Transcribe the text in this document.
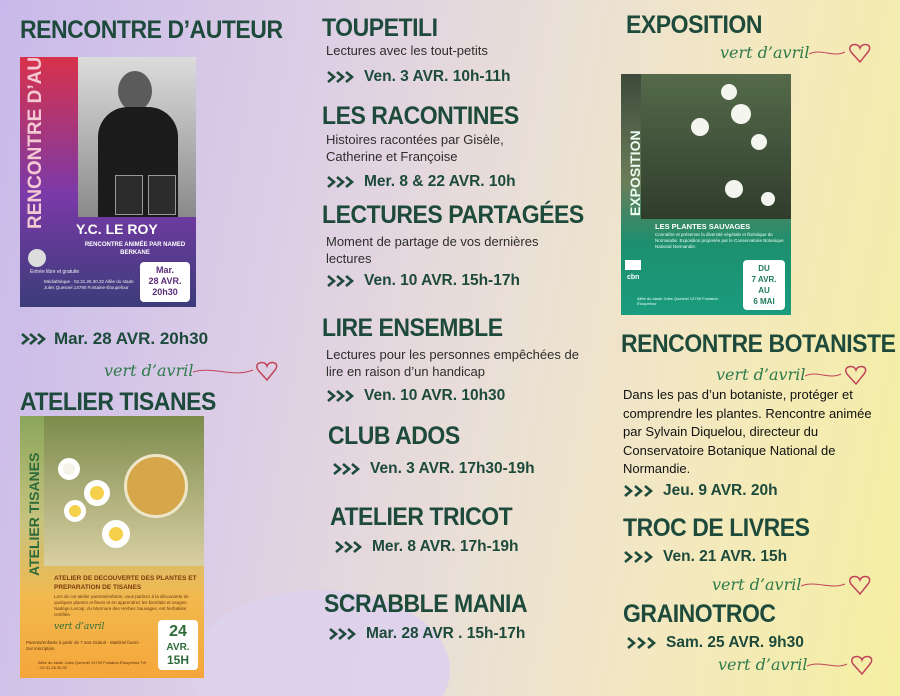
RENCONTRE D’AUTEUR
Y.C. LE ROY
RENCONTRE ANIMÉE PAR NAMED BERKANE
Entrée libre et gratuite
Médiathèque · 02.31.26.30.32 Allée du stade Jules Quesnel 14790 Fontaine-Étoupefour
Mar.
28 AVR.
20h30
Mar. 28 AVR. 20h30
vert d’avril
ATELIER TISANES
ATELIER TISANES
ATELIER DE DECOUVERTE DES PLANTES ET PREPARATION DE TISANES
Lors de cet atelier parents/enfants, vous partirez à la découverte de quelques plantes et fleurs et en apprendrez les bienfaits et usages. Nadège Lecoqr, du Murmure des Herbes Sauvages, est herbaliste certifiée.
vert d’avril
Parents/enfants à partir de 7 ans Gratuit · Matériel fourni · Sur inscription
Allée du stade Jules Quesnel 14790 Fontaine-Étoupefour Tél : 02.31.26.30.32
24
AVR.
15H
TOUPETILI
Lectures avec les tout-petits
Ven. 3 AVR. 10h-11h
LES RACONTINES
Histoires racontées par Gisèle, Catherine et Françoise
Mer. 8 & 22 AVR. 10h
LECTURES PARTAGÉES
Moment de partage de vos dernières lectures
Ven. 10 AVR. 15h-17h
LIRE ENSEMBLE
Lectures pour les personnes empêchées de lire en raison d’un handicap
Ven. 10 AVR. 10h30
CLUB ADOS
Ven. 3 AVR. 17h30-19h
ATELIER TRICOT
Mer. 8 AVR. 17h-19h
SCRABBLE MANIA
Mar. 28 AVR . 15h-17h
EXPOSITION
vert d’avril
EXPOSITION
LES PLANTES SAUVAGES
Connaître et préserver la diversité végétale et floristique de Normandie. Exposition proposée par le Conservatoire Botanique National Normandie.
cbn
Allée du stade Jules Quesnel 14790 Fontaine-Étoupefour
DU
7 AVR.
AU
6 MAI
RENCONTRE BOTANISTE
vert d’avril
Dans les pas d’un botaniste, protéger et comprendre les plantes. Rencontre animée par Sylvain Diquelou, directeur du Conservatoire Botanique National de Normandie.
Jeu. 9 AVR. 20h
TROC DE LIVRES
Ven. 21 AVR. 15h
vert d’avril
GRAINOTROC
Sam. 25 AVR. 9h30
vert d’avril
